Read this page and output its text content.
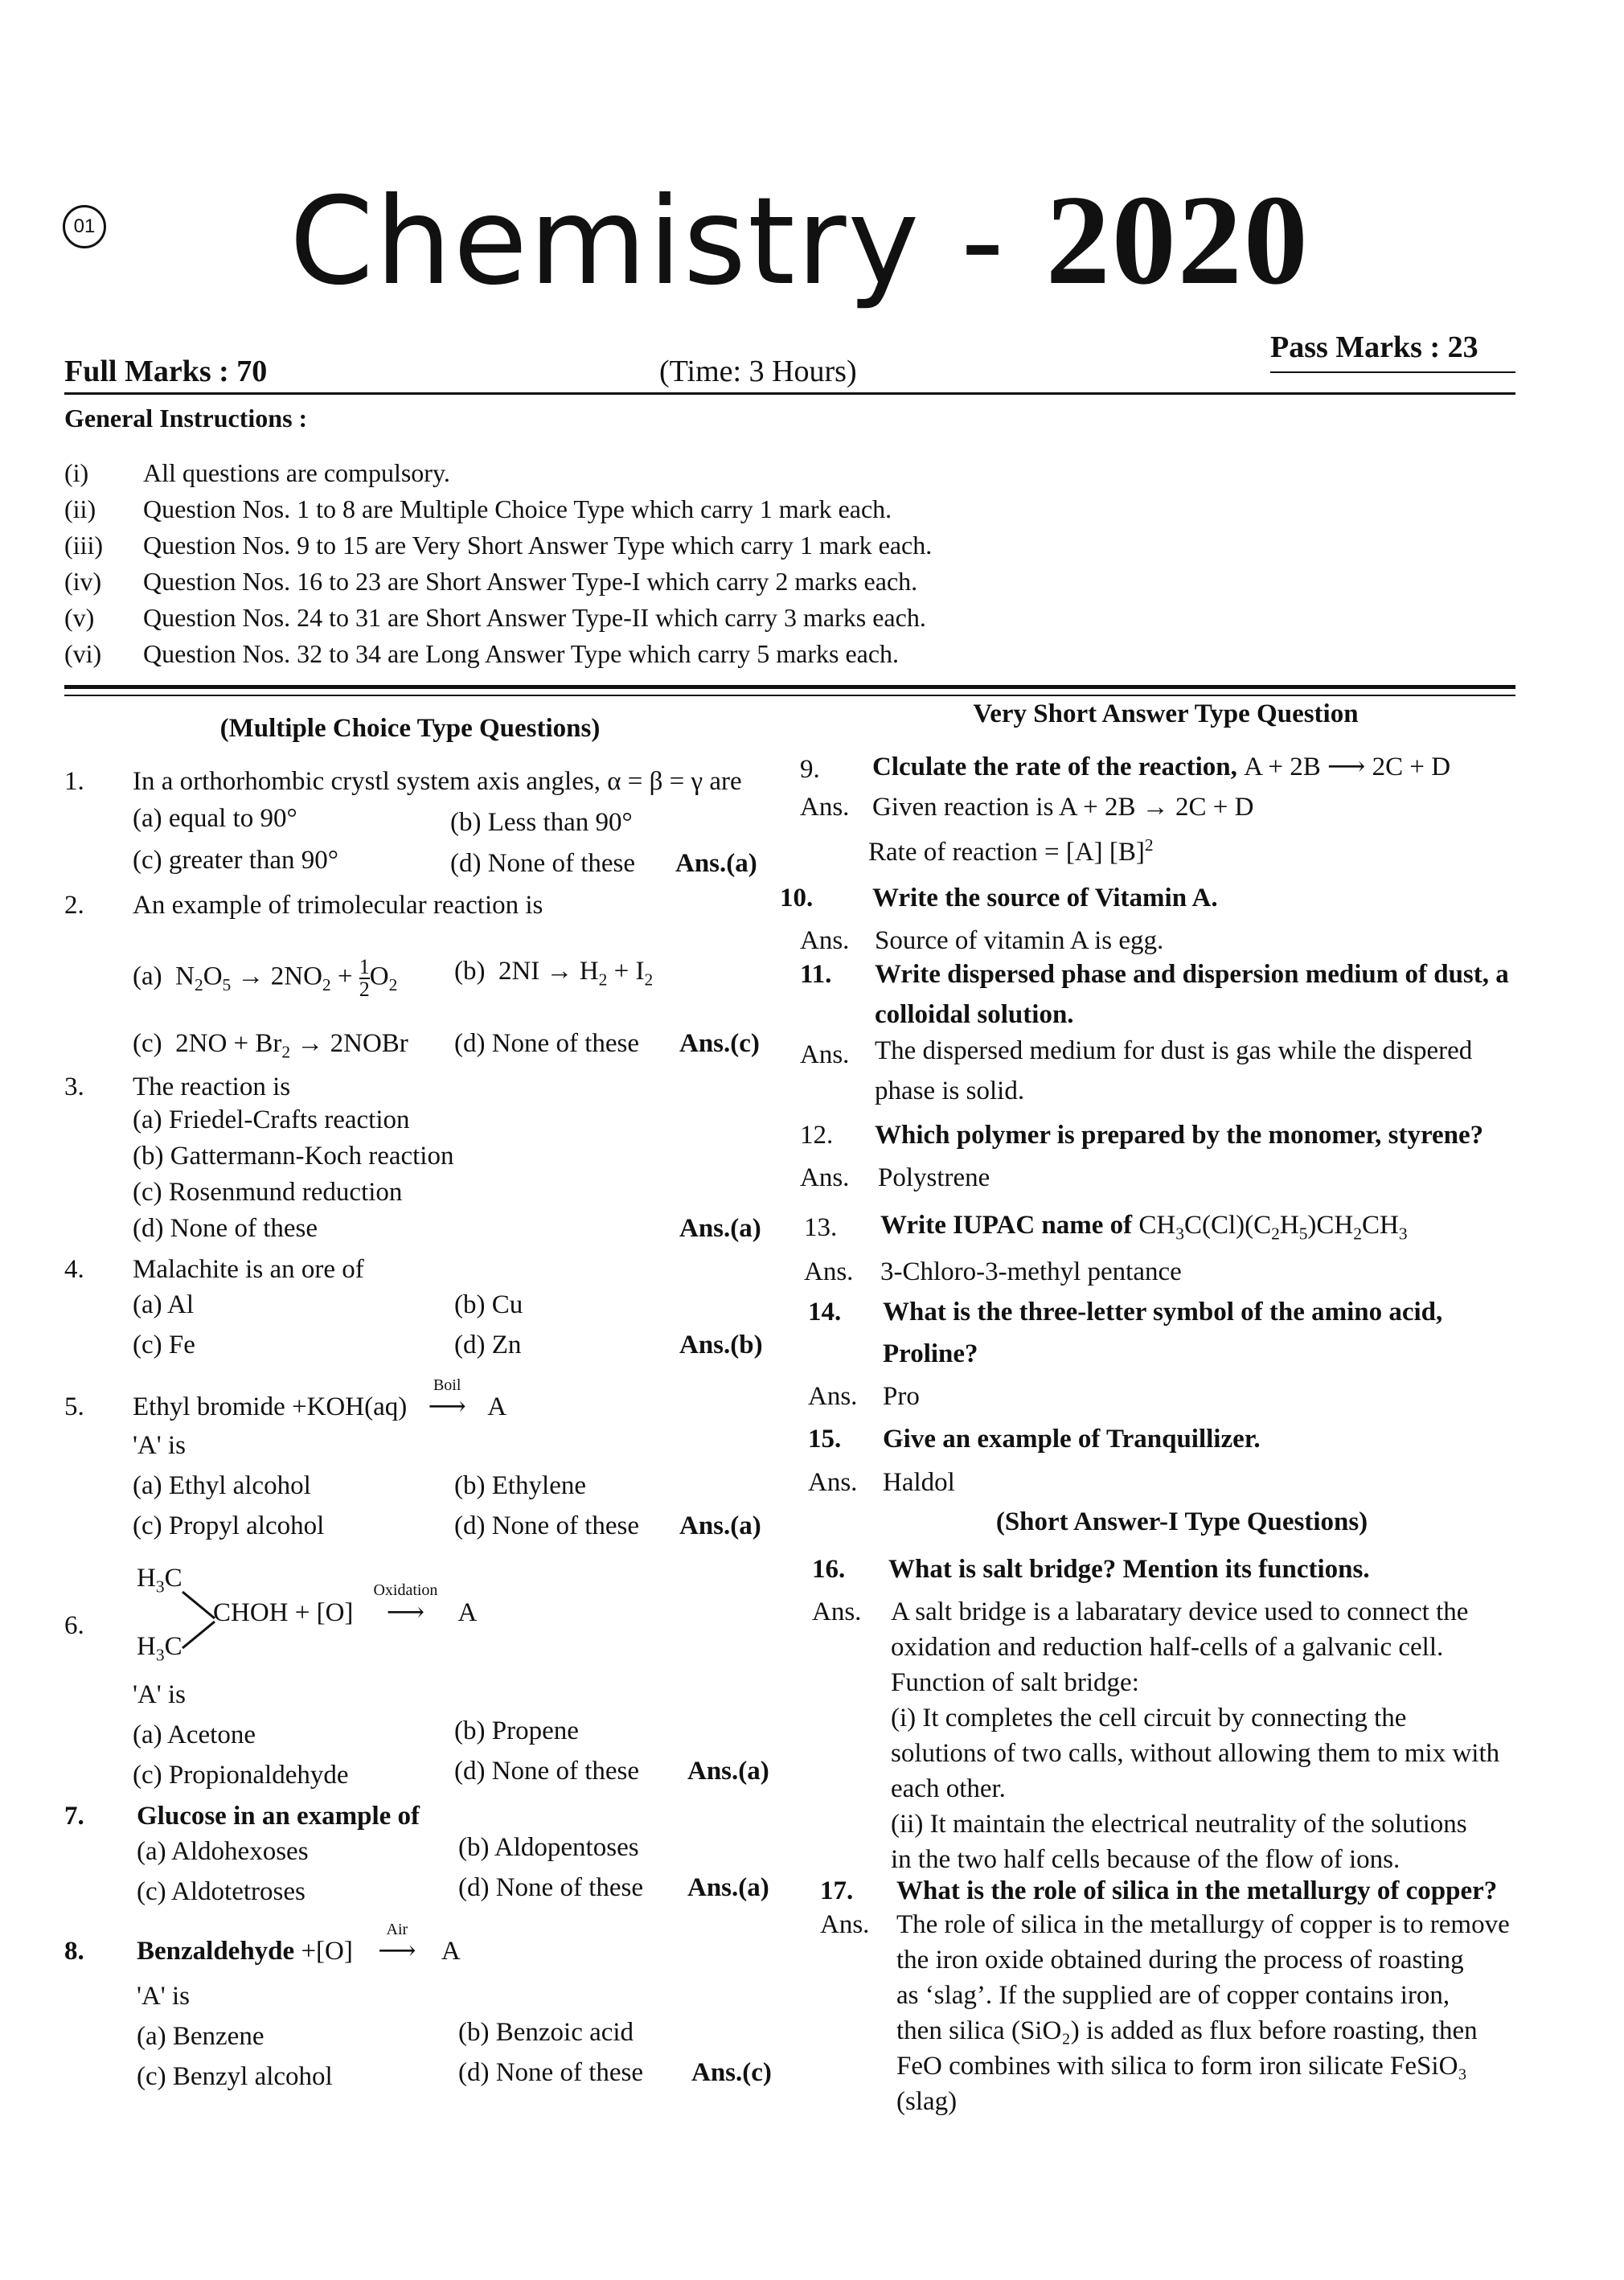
01 Chemistry - 2020
Full Marks : 70	(Time: 3 Hours)
Pass Marks : 23
General Instructions :
(i) All questions are compulsory.
(ii) Question Nos. 1 to 8 are Multiple Choice Type which carry 1 mark each.
(iii) Question Nos. 9 to 15 are Very Short Answer Type which carry 1 mark each.
(iv) Question Nos. 16 to 23 are Short Answer Type-I which carry 2 marks each.
(v) Question Nos. 24 to 31 are Short Answer Type-II which carry 3 marks each.
(vi) Question Nos. 32 to 34 are Long Answer Type which carry 5 marks each.
(Multiple Choice Type Questions)
1. In a orthorhombic crystl system axis angles, α = β = γ are
(a) equal to 90°	(b) Less than 90°
(c) greater than 90°	(d) None of these Ans.(a)
2. An example of trimolecular reaction is
(a)  $N_2O_5 \to 2NO_2 + \frac{1}{2} O_2$ (b)  $2NI \to H_2 + I_2$
(c)  $2NO + Br_2$ → 2NOBr (d) None of these Ans.(c)
3. The reaction is
(a) Friedel-Crafts reaction
(b) Gattermann-Koch reaction
(c) Rosenmund reduction
(d) None of these	Ans.(a)
4. Malachite is an ore of
(a) Al	(b) Cu
(c) Fe	(d) Zn	Ans.(b)
5. Ethyl bromide +KOH(aq)
Boil
⟶ A
'A' is
(a) Ethyl alcohol	(b) Ethylene
(c) Propyl alcohol	(d) None of these Ans.(a)
6.
$H_3C$
$H_3C$
CHOH + [O]
Oxidation
⟶ A
'A' is
(a) Acetone	(b) Propene
(c) Propionaldehyde	(d) None of these Ans.(a)
7. Glucose in an example of
(a) Aldohexoses	(b) Aldopentoses
(c) Aldotetroses	(d) None of these Ans.(a)
8. Benzaldehyde +[O]
Air
⟶ A
'A' is
(a) Benzene	(b) Benzoic acid
(c) Benzyl alcohol	(d) None of these Ans.(c)
Very Short Answer Type Question
9. Clculate the rate of the reaction, A + 2B ⟶ 2C + D
Ans. Given reaction is A + 2B → 2C + D
Rate of reaction = [A] $[B]^2$
10. Write the source of Vitamin A.
Ans. Source of vitamin A is egg.
11. Write dispersed phase and dispersion medium of dust, a
colloidal solution.
Ans. The dispersed medium for dust is gas while the dispered
phase is solid.
12. Which polymer is prepared by the monomer, styrene?
Ans. Polystrene
13. Write IUPAC name of $CH_3C(Cl)(C_2H_5)CH_2CH_3$
Ans. 3-Chloro-3-methyl pentance
14. What is the three-letter symbol of the amino acid,
Proline?
Ans. Pro
15. Give an example of Tranquillizer.
Ans. Haldol
(Short Answer-I Type Questions)
16. What is salt bridge? Mention its functions.
Ans. A salt bridge is a labaratary device used to connect the
oxidation and reduction half-cells of a galvanic cell.
Function of salt bridge:
(i) It completes the cell circuit by connecting the
solutions of two calls, without allowing them to mix with
each other.
(ii) It maintain the electrical neutrality of the solutions
in the two half cells because of the flow of ions.
17. What is the role of silica in the metallurgy of copper?
Ans. The role of silica in the metallurgy of copper is to remove
the iron oxide obtained during the process of roasting
as ‘slag’. If the supplied are of copper contains iron,
then silica (SiO₂) is added as flux before roasting, then
FeO combines with silica to form iron silicate FeSiO₃
(slag)
